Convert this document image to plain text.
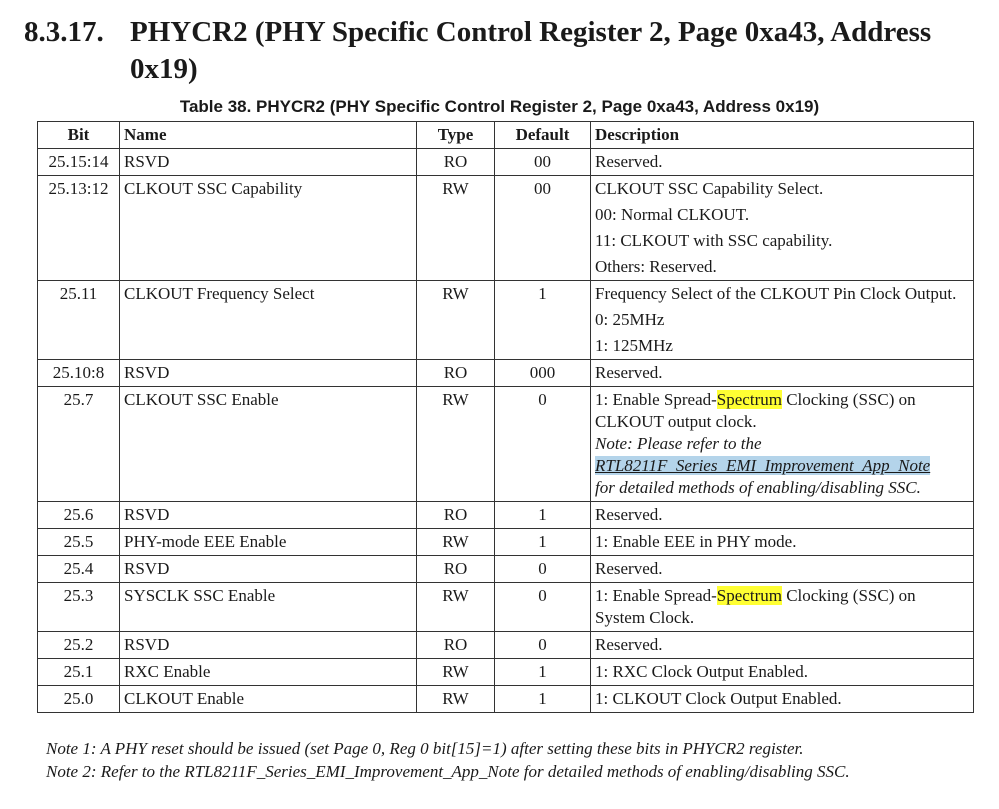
8.3.17. PHYCR2 (PHY Specific Control Register 2, Page 0xa43, Address 0x19)
Table 38. PHYCR2 (PHY Specific Control Register 2, Page 0xa43, Address 0x19)
Bit	Name	Type	Default	Description
25.15:14	RSVD	RO	00	Reserved.

25.13:12	CLKOUT SSC Capability	RW	00	CLKOUT SSC Capability Select.
00: Normal CLKOUT.
11: CLKOUT with SSC capability.
Others: Reserved.

25.11	CLKOUT Frequency Select	RW	1	Frequency Select of the CLKOUT Pin Clock Output.
0: 25MHz
1: 125MHz

25.10:8	RSVD	RO	000	Reserved.

25.7	CLKOUT SSC Enable	RW	0	1: Enable Spread-Spectrum Clocking (SSC) on CLKOUT output clock.
Note: Please refer to the
RTL8211F_Series_EMI_Improvement_App_Note
for detailed methods of enabling/disabling SSC.

25.6	RSVD	RO	1	Reserved.

25.5	PHY-mode EEE Enable	RW	1	1: Enable EEE in PHY mode.

25.4	RSVD	RO	0	Reserved.

25.3	SYSCLK SSC Enable	RW	0	1: Enable Spread-Spectrum Clocking (SSC) on System Clock.

25.2	RSVD	RO	0	Reserved.

25.1	RXC Enable	RW	1	1: RXC Clock Output Enabled.

25.0	CLKOUT Enable	RW	1	1: CLKOUT Clock Output Enabled.
Note 1: A PHY reset should be issued (set Page 0, Reg 0 bit[15]=1) after setting these bits in PHYCR2 register.
Note 2: Refer to the RTL8211F_Series_EMI_Improvement_App_Note for detailed methods of enabling/disabling SSC.
